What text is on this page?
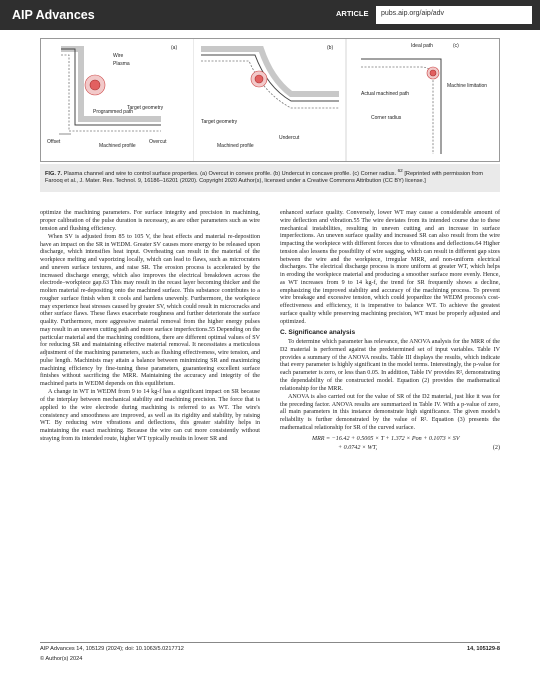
AIP Advances	ARTICLE pubs.aip.org/aip/adv
(a)
Wire
Plasma
Programmed path
Target geometry
Offset
Machined profile
Overcut
(b)
Target geometry
Machined profile
Undercut
Ideal path	(c)
Machine limitation
Actual machined path
Corner radius
FIG. 7. Plasma channel and wire to control surface properties. (a) Overcut in convex profile. (b) Undercut in concave profile. (c) Corner radius. $^{62}$ [Reprinted with permission from Farooq et al., J. Mater. Res. Technol. 9, 16186–16201 (2020). Copyright 2020 Author(s), licensed under a Creative Commons Attribution (CC BY) license.]

optimize the machining parameters. For surface integrity and precision in machining, proper calibration of the pulse duration is necessary, as are other parameters such as wire tension and flushing efficiency.

When SV is adjusted from 85 to 105 V, the heat effects and material re-deposition have an impact on the SR in WEDM. Greater SV causes more energy to be released upon discharge, which intensifies heat input. Overheating can result in the material of the workpiece melting and vaporizing locally, which can lead to flaws, such as microcraters and uneven surface textures, and raise SR. The erosion process is accelerated by the increased discharge energy, which also improves the electrical breakdown across the electrode–workpiece gap.63 This may result in the recast layer becoming thicker and the molten material re-depositing onto the machined surface. This substance contributes to a rougher surface finish when it cools and hardens unevenly. Furthermore, the workpiece may experience heat stresses caused by greater SV, which could result in microcracks and other surface flaws. These flaws exacerbate roughness and further deteriorate the surface quality. Furthermore, more aggressive material removal from the higher energy pulses may result in an uneven cutting path and more surface imperfections.55 Depending on the particular material and the machining conditions, there are different optimal values of SV for reducing SR and maintaining effective material removal. It necessitates a meticulous adjustment of the machining parameters, such as flushing effectiveness, wire tension, and pulse length. Machinists may attain a balance between minimizing SR and maximizing machining efficiency by fine-tuning these parameters, guaranteeing excellent surface finishes without sacrificing the MRR. Maintaining the accuracy and integrity of the machined parts in WEDM depends on this equilibrium.

A change in WT in WEDM from 9 to 14 kg-f has a significant impact on SR because of the interplay between mechanical stability and machining precision. The force that is applied to the wire electrode during machining is referred to as WT. The wire's consistency and smoothness are improved, as well as its rigidity and stability, by raising WT. By reducing wire vibrations and deflections, this greater stability helps in maintaining the exact machining. Because the wire can cut more consistently without straying from its intended route, higher WT typically results in lower SR and

enhanced surface quality. Conversely, lower WT may cause a considerable amount of wire deflection and vibration.55 The wire deviates from its intended course due to these mechanical instabilities, resulting in uneven cutting and an increase in surface imperfections. An uneven surface quality and increased SR can also result from the wire impacting the workpiece with different forces due to vibrations and deflections.64 Higher tension also lessens the possibility of wire sagging, which can result in different gap sizes between the wire and the workpiece, irregular MRR, and non-uniform electrical discharges. The electrical discharge process is more uniform at greater WT, which helps in eroding the workpiece material and producing a smoother surface more evenly. Hence, as WT increases from 9 to 14 kg-f, the trend for SR frequently shows a decline, emphasizing the improved stability and accuracy of the machining process. To prevent wire breakage and excessive tension, which could jeopardize the WEDM process's cost-effectiveness and efficiency, it is imperative to balance WT. To achieve the greatest surface quality while preserving machining precision, WT must be properly adjusted and optimized.

C. Significance analysis

To determine which parameter has relevance, the ANOVA analysis for the MRR of the D2 material is performed against the predetermined set of input variables. Table IV provides a summary of the ANOVA results. Table III displays the results, which indicate that every parameter is highly significant in the model terms. Interestingly, the p-value for each parameter is zero, or less than 0.05. In addition, Table IV provides R², demonstrating the dependability of the constructed model. Equation (2) provides the mathematical relationship for the MRR.

ANOVA is also carried out for the value of SR of the D2 material, just like it was for the preceding factor. ANOVA results are summarized in Table IV. With a p-value of zero, all main parameters in this instance demonstrate high significance. The given model's reliability is further demonstrated by the value of R². Equation (3) presents the mathematical relationship for SR of the curved surface.

MRR = −16.42 + 0.5005 × T + 1.372 × Pon + 0.1073 × SV
+ 0.0742 × WT,	(2)
AIP Advances 14, 105129 (2024); doi: 10.1063/5.0217712	14, 105129-8
© Author(s) 2024
